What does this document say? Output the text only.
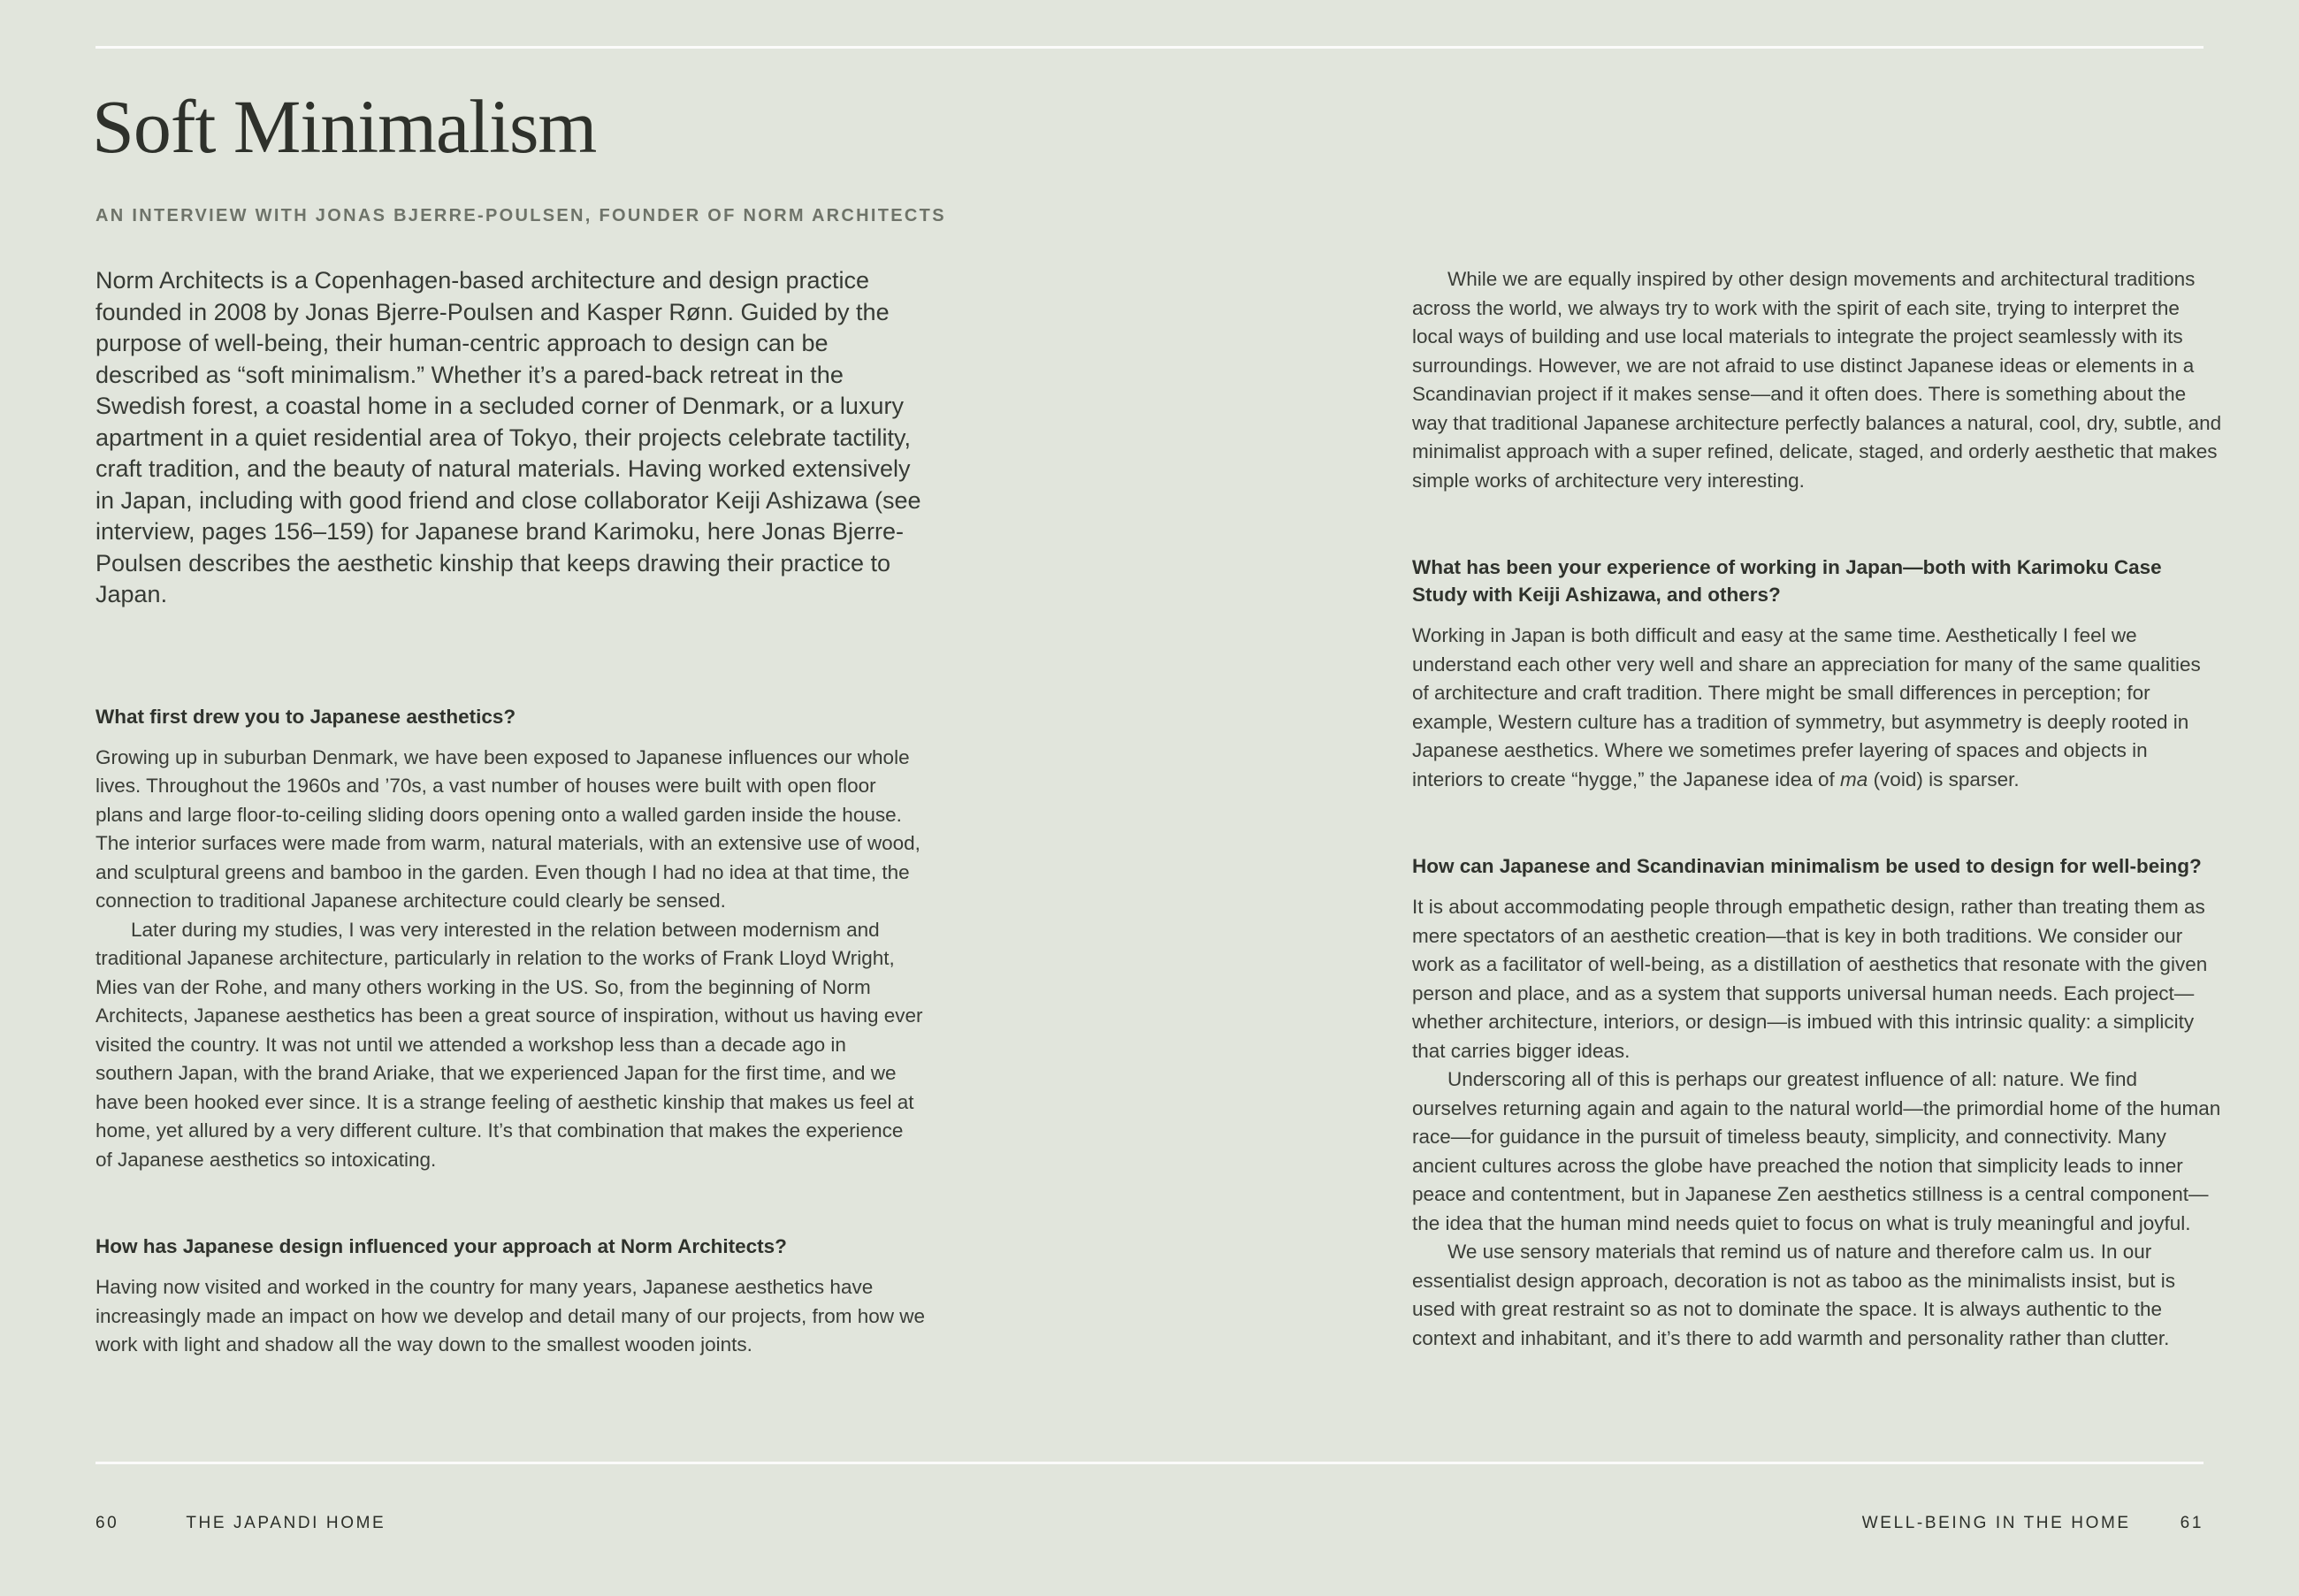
Soft Minimalism

AN INTERVIEW WITH JONAS BJERRE-POULSEN, FOUNDER OF NORM ARCHITECTS

Norm Architects is a Copenhagen-based architecture and design practice founded in 2008 by Jonas Bjerre-Poulsen and Kasper Rønn. Guided by the purpose of well-being, their human-centric approach to design can be described as “soft minimalism.” Whether it’s a pared-back retreat in the Swedish forest, a coastal home in a secluded corner of Denmark, or a luxury apartment in a quiet residential area of Tokyo, their projects celebrate tactility, craft tradition, and the beauty of natural materials. Having worked extensively in Japan, including with good friend and close collaborator Keiji Ashizawa (see interview, pages 156–159) for Japanese brand Karimoku, here Jonas Bjerre-Poulsen describes the aesthetic kinship that keeps drawing their practice to Japan.

What first drew you to Japanese aesthetics?

Growing up in suburban Denmark, we have been exposed to Japanese influences our whole lives. Throughout the 1960s and ’70s, a vast number of houses were built with open floor plans and large floor-to-ceiling sliding doors opening onto a walled garden inside the house. The interior surfaces were made from warm, natural materials, with an extensive use of wood, and sculptural greens and bamboo in the garden. Even though I had no idea at that time, the connection to traditional Japanese architecture could clearly be sensed.

Later during my studies, I was very interested in the relation between modernism and traditional Japanese architecture, particularly in relation to the works of Frank Lloyd Wright, Mies van der Rohe, and many others working in the US. So, from the beginning of Norm Architects, Japanese aesthetics has been a great source of inspiration, without us having ever visited the country. It was not until we attended a workshop less than a decade ago in southern Japan, with the brand Ariake, that we experienced Japan for the first time, and we have been hooked ever since. It is a strange feeling of aesthetic kinship that makes us feel at home, yet allured by a very different culture. It’s that combination that makes the experience of Japanese aesthetics so intoxicating.

How has Japanese design influenced your approach at Norm Architects?

Having now visited and worked in the country for many years, Japanese aesthetics have increasingly made an impact on how we develop and detail many of our projects, from how we work with light and shadow all the way down to the smallest wooden joints.

While we are equally inspired by other design movements and architectural traditions across the world, we always try to work with the spirit of each site, trying to interpret the local ways of building and use local materials to integrate the project seamlessly with its surroundings. However, we are not afraid to use distinct Japanese ideas or elements in a Scandinavian project if it makes sense—and it often does. There is something about the way that traditional Japanese architecture perfectly balances a natural, cool, dry, subtle, and minimalist approach with a super refined, delicate, staged, and orderly aesthetic that makes simple works of architecture very interesting.

What has been your experience of working in Japan—both with Karimoku Case Study with Keiji Ashizawa, and others?

Working in Japan is both difficult and easy at the same time. Aesthetically I feel we understand each other very well and share an appreciation for many of the same qualities of architecture and craft tradition. There might be small differences in perception; for example, Western culture has a tradition of symmetry, but asymmetry is deeply rooted in Japanese aesthetics. Where we sometimes prefer layering of spaces and objects in interiors to create “hygge,” the Japanese idea of ma (void) is sparser.

How can Japanese and Scandinavian minimalism be used to design for well-being?

It is about accommodating people through empathetic design, rather than treating them as mere spectators of an aesthetic creation—that is key in both traditions. We consider our work as a facilitator of well-being, as a distillation of aesthetics that resonate with the given person and place, and as a system that supports universal human needs. Each project—whether architecture, interiors, or design—is imbued with this intrinsic quality: a simplicity that carries bigger ideas.

Underscoring all of this is perhaps our greatest influence of all: nature. We find ourselves returning again and again to the natural world—the primordial home of the human race—for guidance in the pursuit of timeless beauty, simplicity, and connectivity. Many ancient cultures across the globe have preached the notion that simplicity leads to inner peace and contentment, but in Japanese Zen aesthetics stillness is a central component—the idea that the human mind needs quiet to focus on what is truly meaningful and joyful.

We use sensory materials that remind us of nature and therefore calm us. In our essentialist design approach, decoration is not as taboo as the minimalists insist, but is used with great restraint so as not to dominate the space. It is always authentic to the context and inhabitant, and it’s there to add warmth and personality rather than clutter.

60	THE JAPANDI HOME	WELL-BEING IN THE HOME	61
